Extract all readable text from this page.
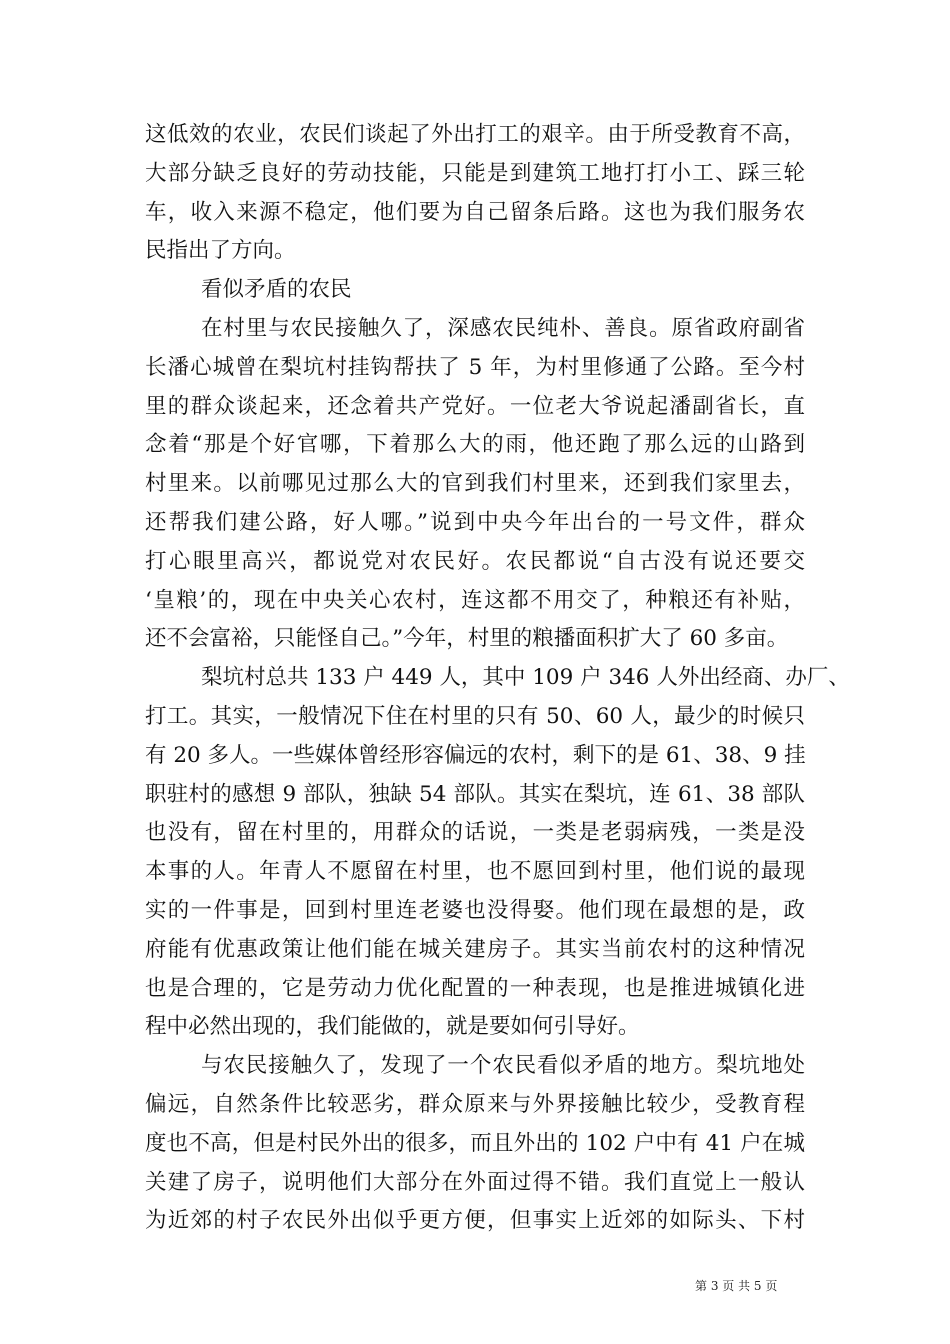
这低效的农业，农民们谈起了外出打工的艰辛。由于所受教育不高，
大部分缺乏良好的劳动技能，只能是到建筑工地打打小工、踩三轮
车，收入来源不稳定，他们要为自己留条后路。这也为我们服务农
民指出了方向。
看似矛盾的农民
在村里与农民接触久了，深感农民纯朴、善良。原省政府副省
长潘心城曾在梨坑村挂钩帮扶了 5 年，为村里修通了公路。至今村
里的群众谈起来，还念着共产党好。一位老大爷说起潘副省长，直
念着“那是个好官哪，下着那么大的雨，他还跑了那么远的山路到
村里来。以前哪见过那么大的官到我们村里来，还到我们家里去，
还帮我们建公路，好人哪。”说到中央今年出台的一号文件，群众
打心眼里高兴，都说党对农民好。农民都说“自古没有说还要交
‘皇粮’的，现在中央关心农村，连这都不用交了，种粮还有补贴，
还不会富裕，只能怪自己。”今年，村里的粮播面积扩大了 60 多亩。
梨坑村总共 133 户 449 人，其中 109 户 346 人外出经商、办厂、
打工。其实，一般情况下住在村里的只有 50、60 人，最少的时候只
有 20 多人。一些媒体曾经形容偏远的农村，剩下的是 61、38、9 挂
职驻村的感想 9 部队，独缺 54 部队。其实在梨坑，连 61、38 部队
也没有，留在村里的，用群众的话说，一类是老弱病残，一类是没
本事的人。年青人不愿留在村里，也不愿回到村里，他们说的最现
实的一件事是，回到村里连老婆也没得娶。他们现在最想的是，政
府能有优惠政策让他们能在城关建房子。其实当前农村的这种情况
也是合理的，它是劳动力优化配置的一种表现，也是推进城镇化进
程中必然出现的，我们能做的，就是要如何引导好。
与农民接触久了，发现了一个农民看似矛盾的地方。梨坑地处
偏远，自然条件比较恶劣，群众原来与外界接触比较少，受教育程
度也不高，但是村民外出的很多，而且外出的 102 户中有 41 户在城
关建了房子，说明他们大部分在外面过得不错。我们直觉上一般认
为近郊的村子农民外出似乎更方便，但事实上近郊的如际头、下村
第 3 页 共 5 页
